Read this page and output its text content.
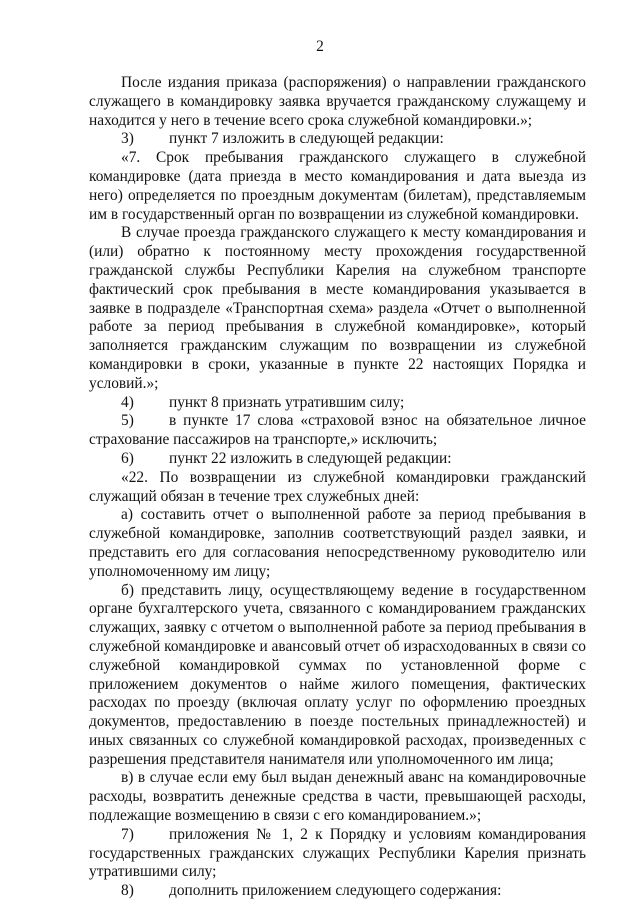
2

После издания приказа (распоряжения) о направлении гражданского служащего в командировку заявка вручается гражданскому служащему и находится у него в течение всего срока служебной командировки.»;

3)	пункт 7 изложить в следующей редакции:

«7. Срок пребывания гражданского служащего в служебной командировке (дата приезда в место командирования и дата выезда из него) определяется по проездным документам (билетам), представляемым им в государственный орган по возвращении из служебной командировки.

В случае проезда гражданского служащего к месту командирования и (или) обратно к постоянному месту прохождения государственной гражданской службы Республики Карелия на служебном транспорте фактический срок пребывания в месте командирования указывается в заявке в подразделе «Транспортная схема» раздела «Отчет о выполненной работе за период пребывания в служебной командировке», который заполняется гражданским служащим по возвращении из служебной командировки в сроки, указанные в пункте 22 настоящих Порядка и условий.»;

4)	пункт 8 признать утратившим силу;

5) в пункте 17 слова «страховой взнос на обязательное личное страхование пассажиров на транспорте,» исключить;

6)	пункт 22 изложить в следующей редакции:

«22. По возвращении из служебной командировки гражданский служащий обязан в течение трех служебных дней:

а) составить отчет о выполненной работе за период пребывания в служебной командировке, заполнив соответствующий раздел заявки, и представить его для согласования непосредственному руководителю или уполномоченному им лицу;

б) представить лицу, осуществляющему ведение в государственном органе бухгалтерского учета, связанного с командированием гражданских служащих, заявку с отчетом о выполненной работе за период пребывания в служебной командировке и авансовый отчет об израсходованных в связи со служебной командировкой суммах по установленной форме с приложением документов о найме жилого помещения, фактических расходах по проезду (включая оплату услуг по оформлению проездных документов, предоставлению в поезде постельных принадлежностей) и иных связанных со служебной командировкой расходах, произведенных с разрешения представителя нанимателя или уполномоченного им лица;

в) в случае если ему был выдан денежный аванс на командировочные расходы, возвратить денежные средства в части, превышающей расходы, подлежащие возмещению в связи с его командированием.»;

7) приложения № 1, 2 к Порядку и условиям командирования государственных гражданских служащих Республики Карелия признать утратившими силу;

8)	дополнить приложением следующего содержания:
